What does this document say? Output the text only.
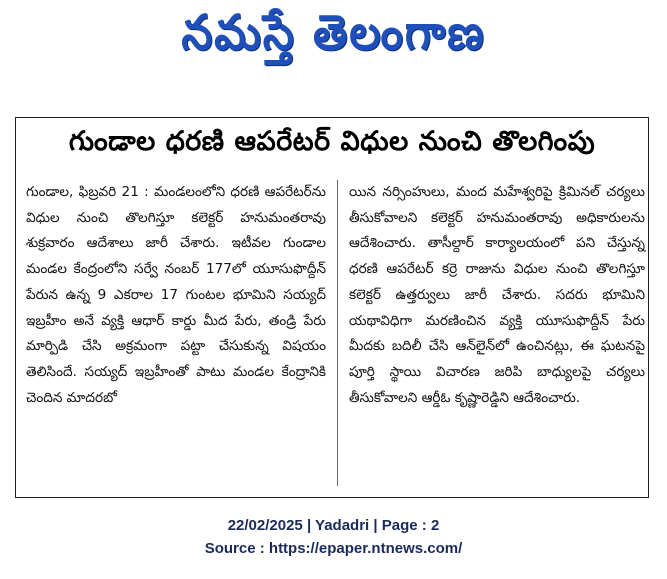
నమస్తే తెలంగాణ
గుండాల ధరణి ఆపరేటర్ విధుల నుంచి తొలగింపు

గుండాల, ఫిబ్రవరి 21 : మండలంలోని ధరణి ఆపరేటర్‌ను విధుల నుంచి తొలగిస్తూ కలెక్టర్ హనుమంతరావు శుక్రవారం ఆదేశాలు జారీ చేశారు. ఇటీవల గుండాల మండల కేంద్రంలోని సర్వే నంబర్ 177లో యూసుఫొద్దీన్ పేరున ఉన్న 9 ఎకరాల 17 గుంటల భూమిని సయ్యద్ ఇబ్రహీం అనే వ్యక్తి ఆధార్ కార్డు మీద పేరు, తండ్రి పేరు మార్పిడి చేసి అక్రమంగా పట్టా చేసుకున్న విషయం తెలిసిందే. సయ్యద్ ఇబ్రహీంతో పాటు మండల కేంద్రానికి చెందిన మాదరబో

యిన నర్సింహులు, మంద మహేశ్వరిపై క్రిమినల్ చర్యలు తీసుకోవాలని కలెక్టర్ హనుమంతరావు అధికారులను ఆదేశించారు. తాసీల్దార్ కార్యాలయంలో పని చేస్తున్న ధరణి ఆపరేటర్ కర్రె రాజును విధుల నుంచి తొలగిస్తూ కలెక్టర్ ఉత్తర్వులు జారీ చేశారు. సదరు భూమిని యథావిధిగా మరణించిన వ్యక్తి యూసుఫొద్దీన్ పేరు మీదకు బదిలీ చేసి ఆన్‌లైన్‌లో ఉంచినట్లు, ఈ ఘటనపై పూర్తి స్థాయి విచారణ జరిపి బాధ్యులపై చర్యలు తీసుకోవాలని ఆర్డీఓ కృష్ణారెడ్డిని ఆదేశించారు.

22/02/2025 | Yadadri | Page : 2
Source : https://epaper.ntnews.com/
